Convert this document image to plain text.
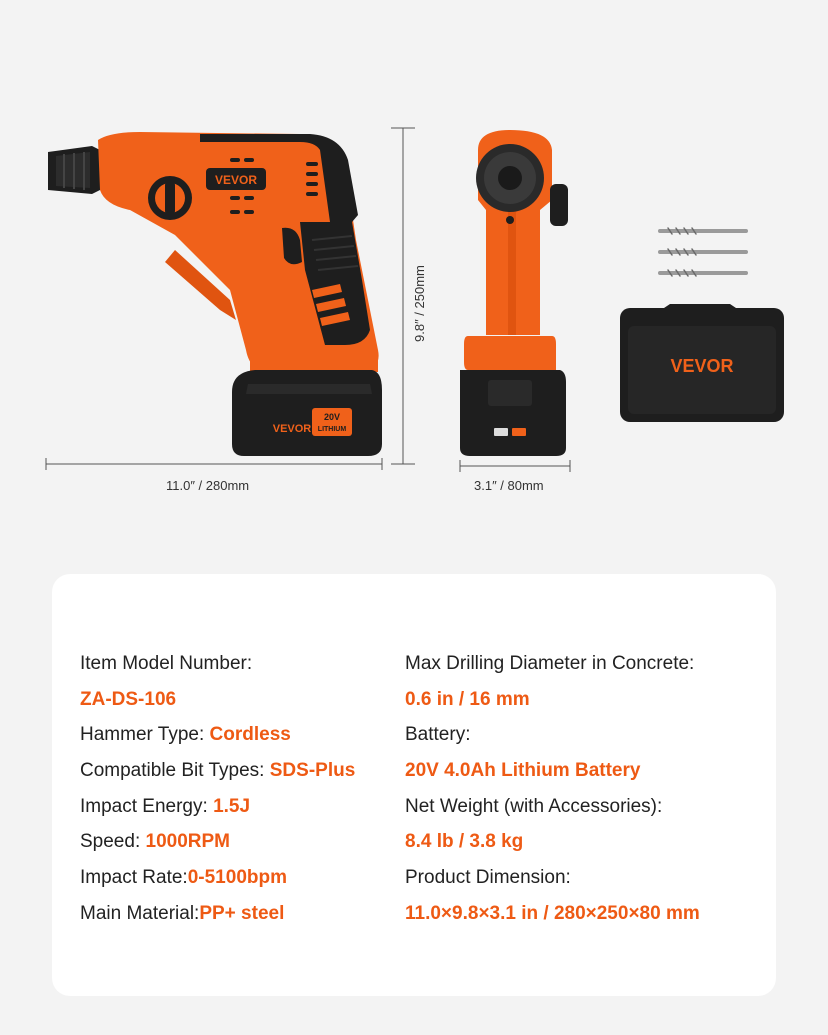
VEVOR
VEVOR
20V
LITHIUM
VEVOR
11.0″ / 280mm
9.8″ / 250mm
3.1″ / 80mm
Item Model Number:
ZA-DS-106
Hammer Type: Cordless
Compatible Bit Types: SDS-Plus
Impact Energy: 1.5J
Speed: 1000RPM
Impact Rate:0-5100bpm
Main Material:PP+ steel
Max Drilling Diameter in Concrete:
0.6 in / 16 mm
Battery:
20V 4.0Ah Lithium Battery
Net Weight (with Accessories):
8.4 lb / 3.8 kg
Product Dimension:
11.0×9.8×3.1 in / 280×250×80 mm
